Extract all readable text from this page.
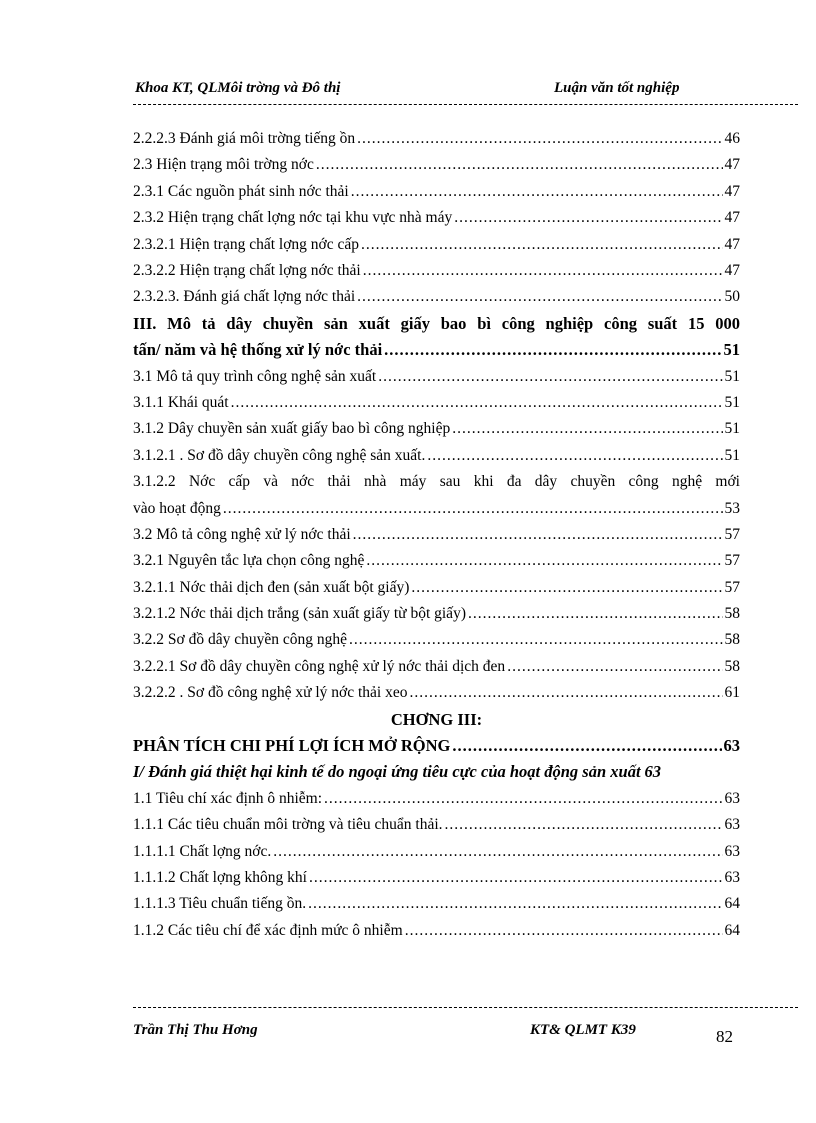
Khoa KT, QLMôi trờng và Đô thị	Luận văn tốt nghiệp
2.2.2.3 Đánh giá môi trờng tiếng ồn .....	46
2.3 Hiện trạng môi trờng nớc .....	47
2.3.1 Các nguồn phát sinh nớc thải .....	47
2.3.2 Hiện trạng chất lợng nớc tại khu vực nhà máy .....	47
2.3.2.1 Hiện trạng chất lợng nớc cấp .....	47
2.3.2.2 Hiện trạng chất lợng nớc thải .....	47
2.3.2.3. Đánh giá chất lợng nớc thải .....	50
III. Mô tả dây chuyền sản xuất giấy bao bì công nghiệp công suất 15 000
tấn/ năm và hệ thống xử lý nớc thải .....	51
3.1 Mô tả quy trình công nghệ sản xuất .....	51
3.1.1 Khái quát .....	51
3.1.2 Dây chuyền sản xuất giấy bao bì công nghiệp .....	51
3.1.2.1 . Sơ đồ dây chuyền công nghệ sản xuất. .....	51
3.1.2.2 Nớc cấp và nớc thải nhà máy sau khi đa dây chuyền công nghệ mới
vào hoạt động .....	53
3.2 Mô tả công nghệ xử lý nớc thải .....	57
3.2.1 Nguyên tắc lựa chọn công nghệ .....	57
3.2.1.1 Nớc thải dịch đen (sản xuất bột giấy) .....	57
3.2.1.2 Nớc thải dịch trắng (sản xuất giấy từ bột giấy) .....	58
3.2.2 Sơ đồ dây chuyền công nghệ .....	58
3.2.2.1 Sơ đồ dây chuyền công nghệ xử lý nớc thải dịch đen .....	58
3.2.2.2 . Sơ đồ công nghệ xử lý nớc thải xeo .....	61
CHƠNG III:
PHÂN TÍCH CHI PHÍ LỢI ÍCH MỞ RỘNG .....	63
I/ Đánh giá thiệt hại kinh tế do ngoại ứng tiêu cực của hoạt động sản xuất 63
1.1 Tiêu chí xác định ô nhiễm: .....	63
1.1.1 Các tiêu chuẩn môi trờng và tiêu chuẩn thải. .....	63
1.1.1.1 Chất lợng nớc. .....	63
1.1.1.2 Chất lợng không khí .....	63
1.1.1.3 Tiêu chuẩn tiếng ồn. .....	64
1.1.2 Các tiêu chí để xác định mức ô nhiễm .....	64
Trần Thị Thu Hơng	KT& QLMT K39	82
